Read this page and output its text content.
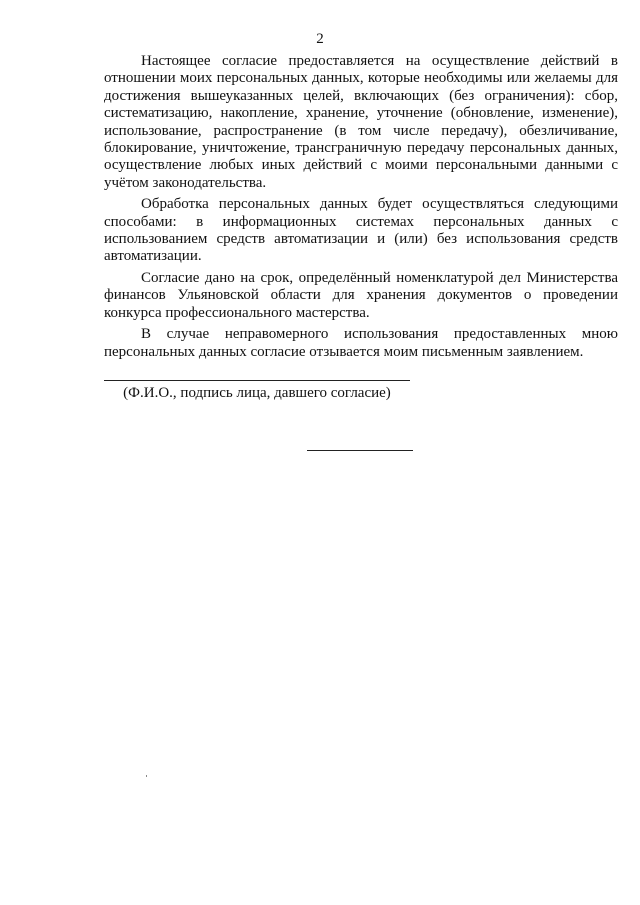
2

Настоящее согласие предоставляется на осуществление действий в отношении моих персональных данных, которые необходимы или желаемы для достижения вышеуказанных целей, включающих (без ограничения): сбор, систематизацию, накопление, хранение, уточнение (обновление, изменение), использование, распространение (в том числе передачу), обезличивание, блокирование, уничтожение, трансграничную передачу персональных данных, осуществление любых иных действий с моими персональными данными с учётом законодательства.

Обработка персональных данных будет осуществляться следующими способами: в информационных системах персональных данных с использованием средств автоматизации и (или) без использования средств автоматизации.

Согласие дано на срок, определённый номенклатурой дел Министерства финансов Ульяновской области для хранения документов о проведении конкурса профессионального мастерства.

В случае неправомерного использования предоставленных мною персональных данных согласие отзывается моим письменным заявлением.

(Ф.И.О., подпись лица, давшего согласие)
